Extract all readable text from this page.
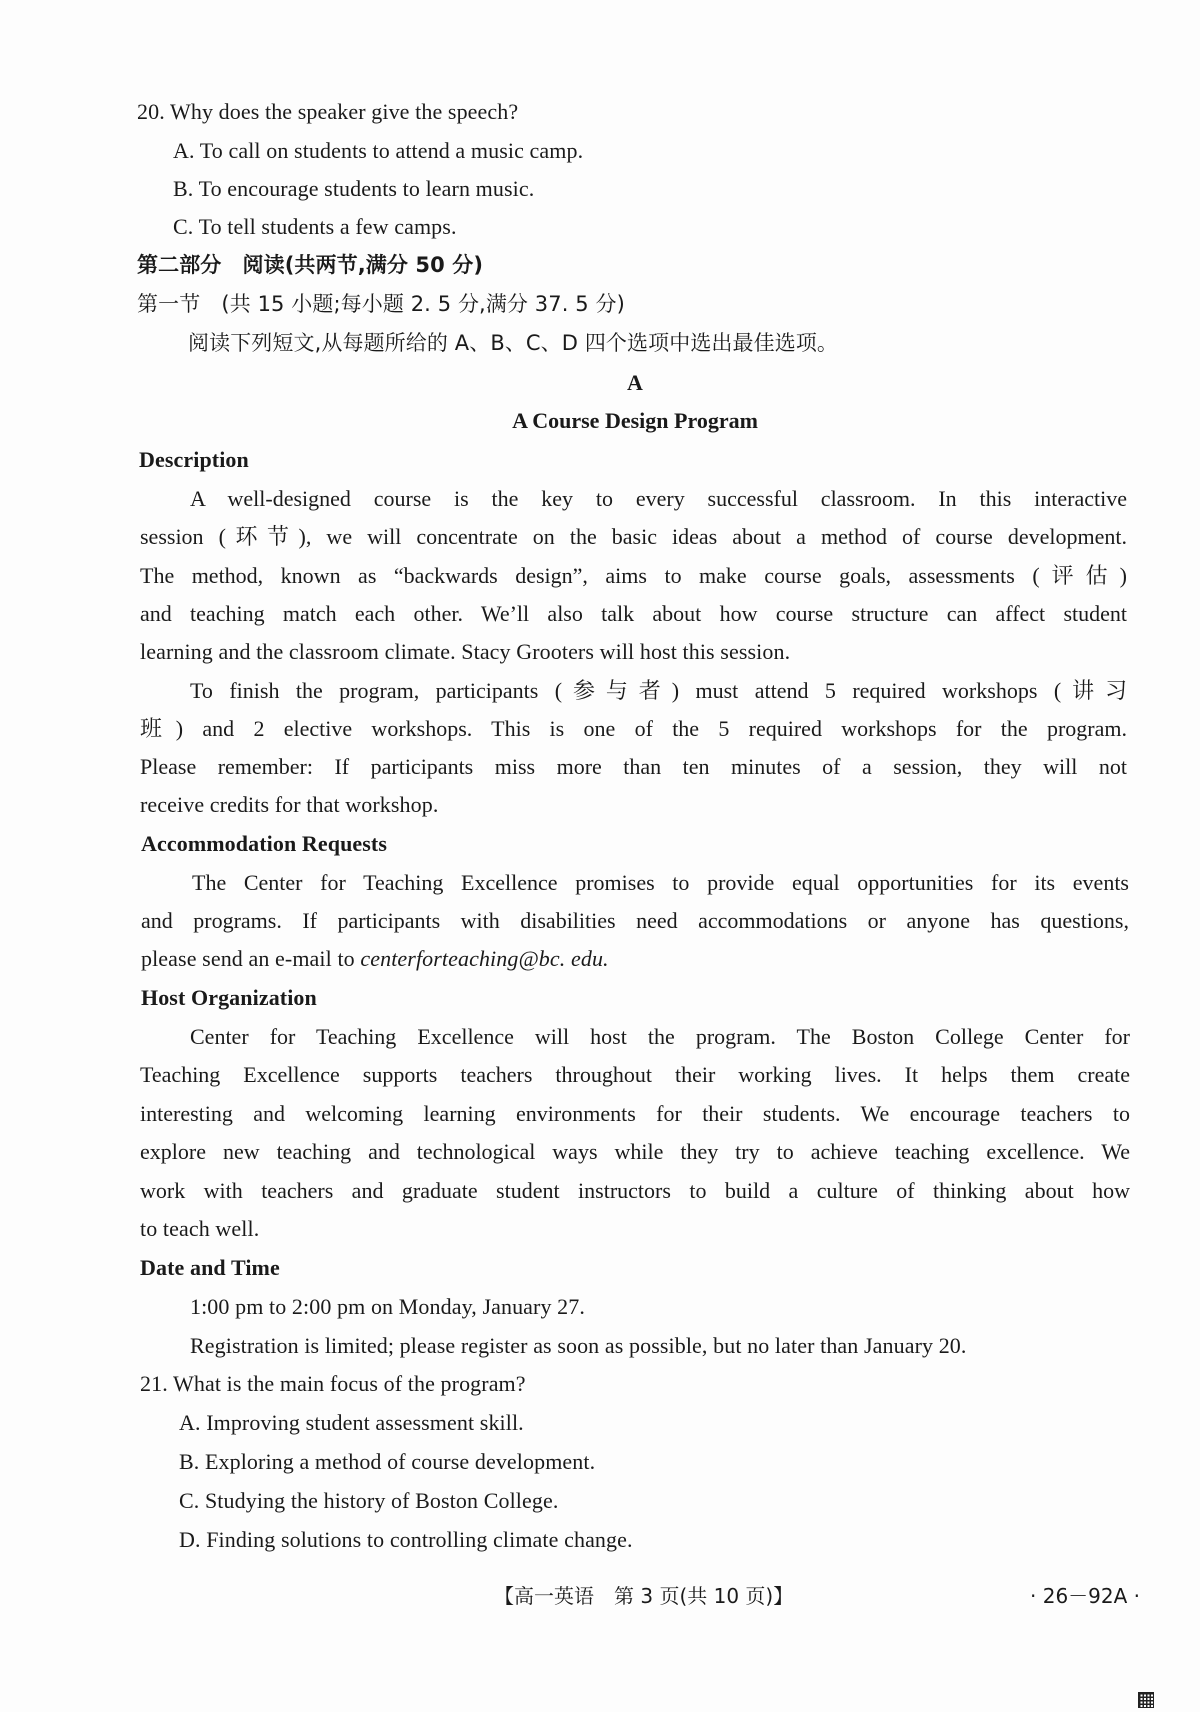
20. Why does the speaker give the speech?
A. To call on students to attend a music camp.
B. To encourage students to learn music.
C. To tell students a few camps.
第二部分　阅读(共两节,满分 50 分)
第一节　(共 15 小题;每小题 2. 5 分,满分 37. 5 分)
阅读下列短文,从每题所给的 A、B、C、D 四个选项中选出最佳选项。
A
A Course Design Program
Description
A well-designed course is the key to every successful classroom. In this interactive
session (环节), we will concentrate on the basic ideas about a method of course development.
The method, known as “backwards design”, aims to make course goals, assessments (评估)
and teaching match each other. We’ll also talk about how course structure can affect student
learning and the classroom climate. Stacy Grooters will host this session.
To finish the program, participants (参与者) must attend 5 required workshops (讲习
班) and 2 elective workshops. This is one of the 5 required workshops for the program.
Please remember: If participants miss more than ten minutes of a session, they will not
receive credits for that workshop.
Accommodation Requests
The Center for Teaching Excellence promises to provide equal opportunities for its events
and programs. If participants with disabilities need accommodations or anyone has questions,
please send an e-mail to centerforteaching@bc. edu.
Host Organization
Center for Teaching Excellence will host the program. The Boston College Center for
Teaching Excellence supports teachers throughout their working lives. It helps them create
interesting and welcoming learning environments for their students. We encourage teachers to
explore new teaching and technological ways while they try to achieve teaching excellence. We
work with teachers and graduate student instructors to build a culture of thinking about how
to teach well.
Date and Time
1:00 pm to 2:00 pm on Monday, January 27.
Registration is limited; please register as soon as possible, but no later than January 20.
21. What is the main focus of the program?
A. Improving student assessment skill.
B. Exploring a method of course development.
C. Studying the history of Boston College.
D. Finding solutions to controlling climate change.
【高一英语　第 3 页(共 10 页)】	· 26－92A ·
